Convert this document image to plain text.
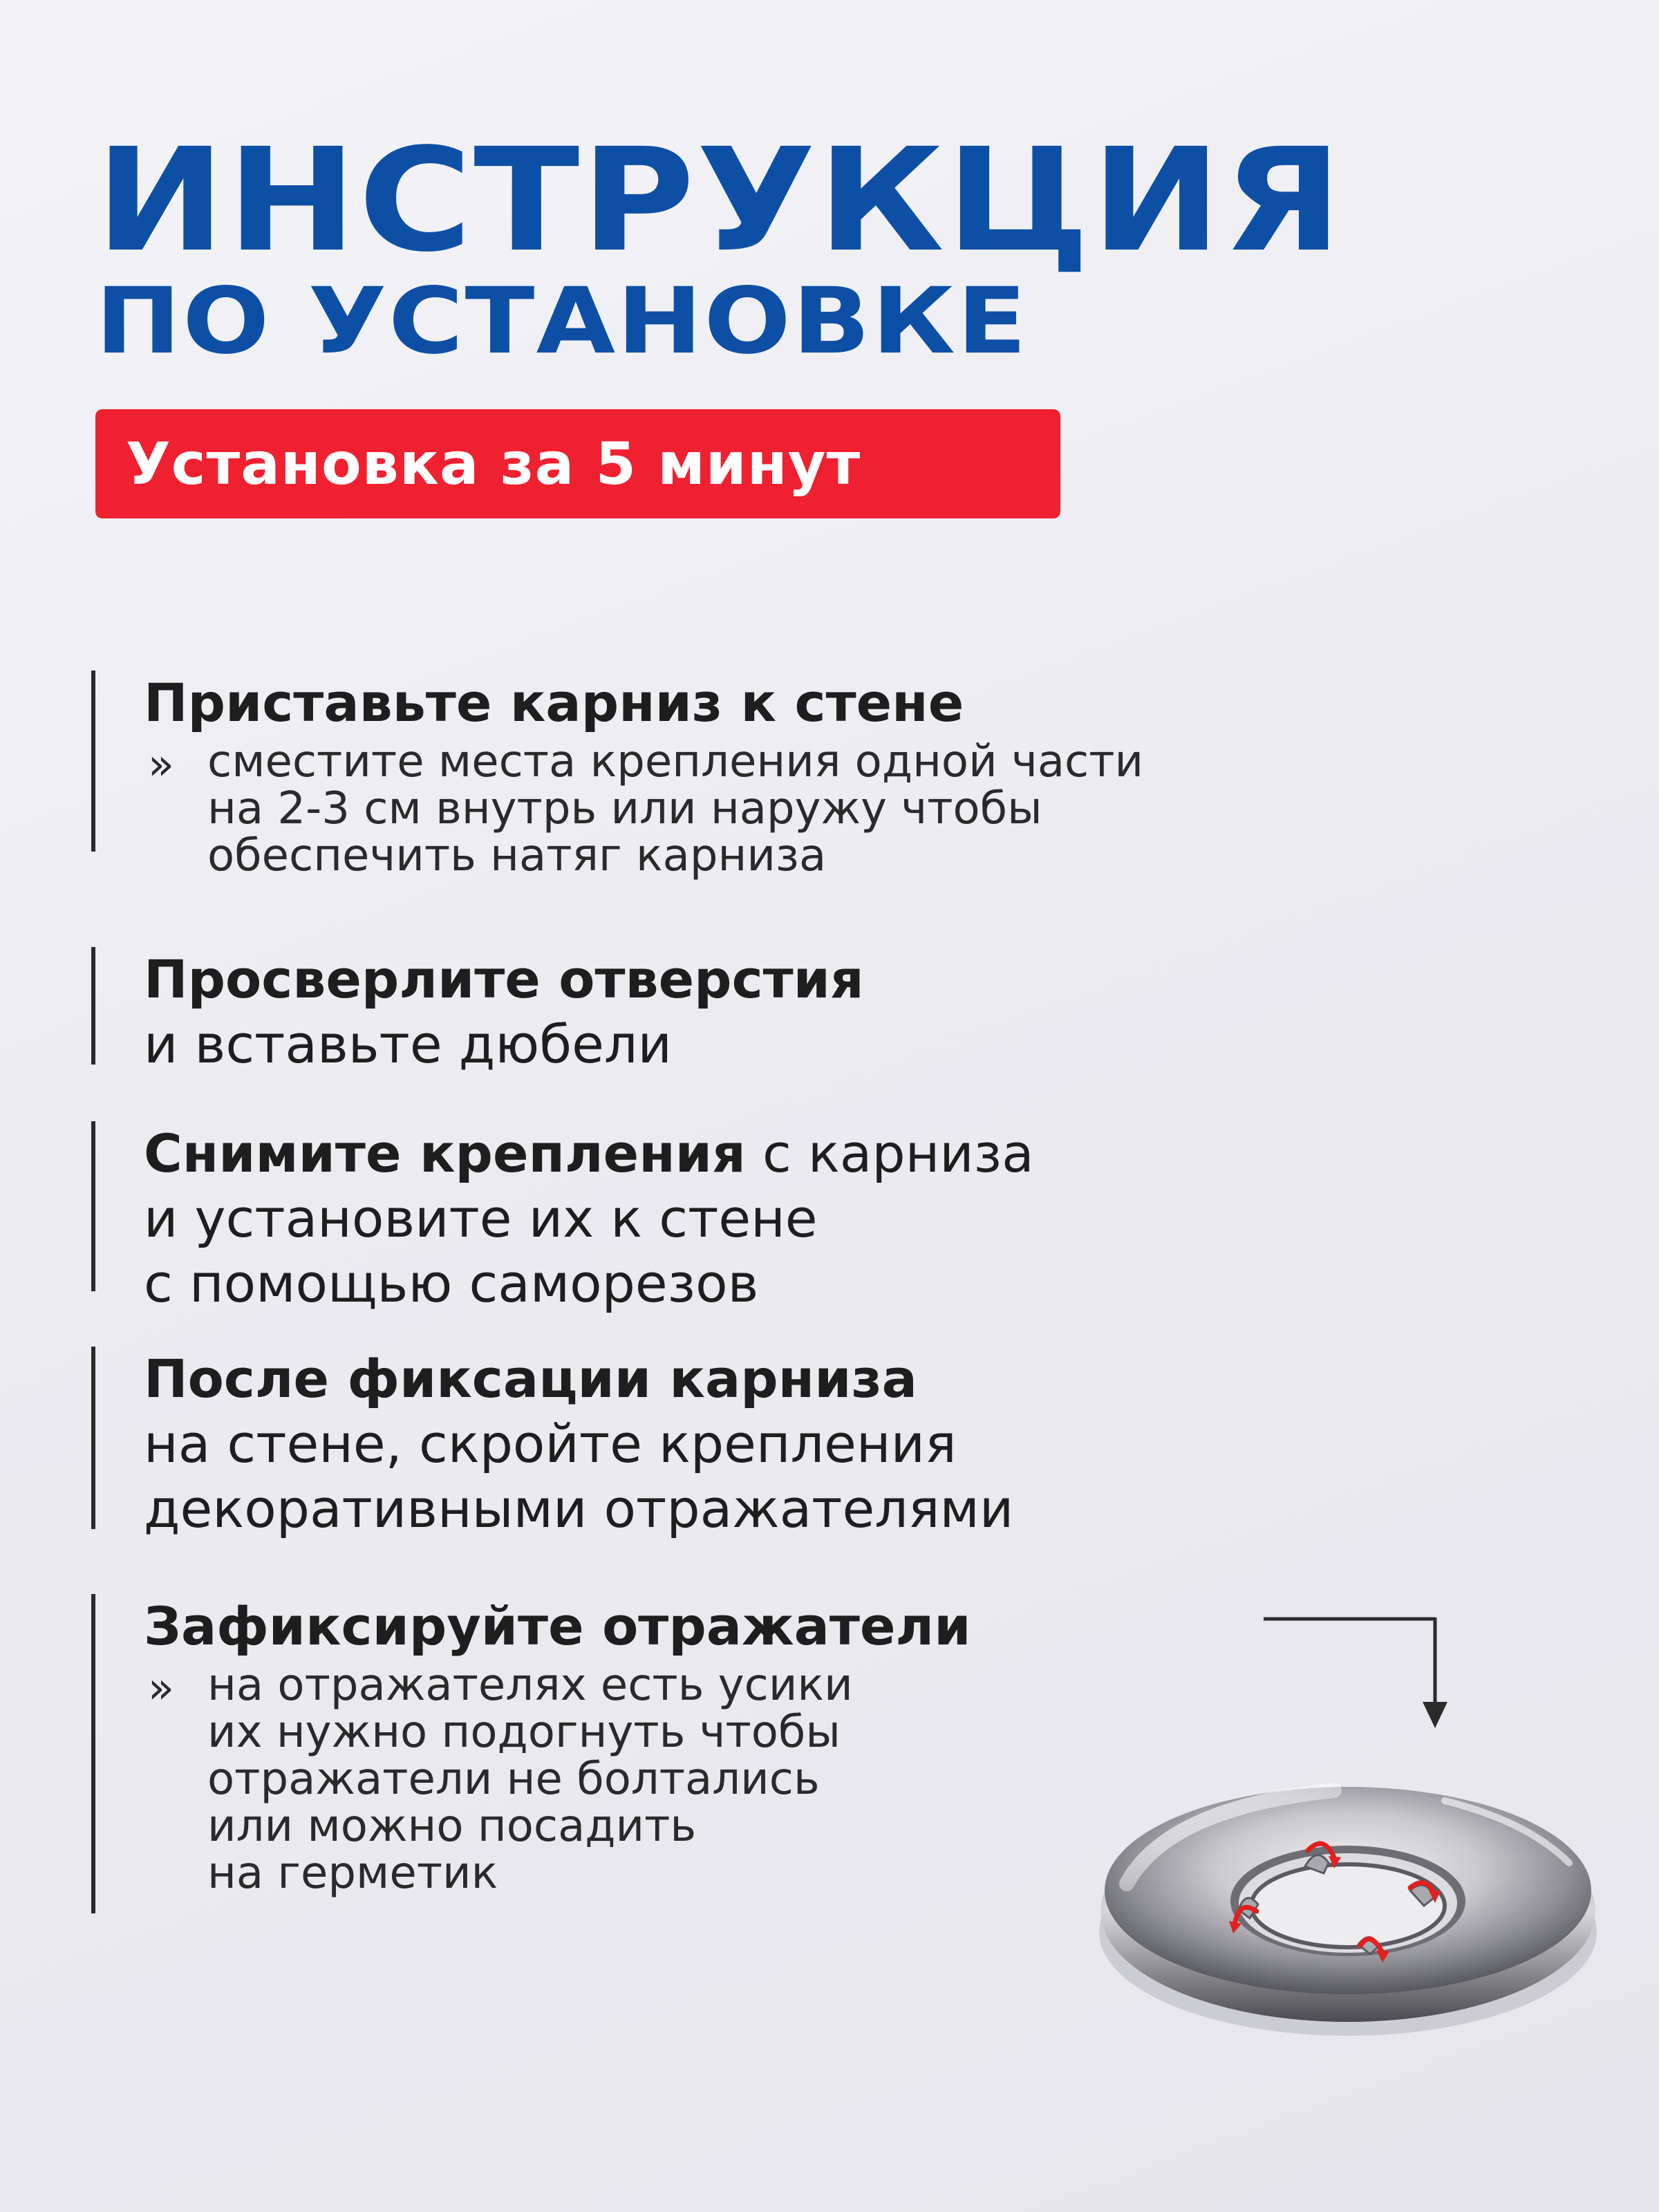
ИНСТРУКЦИЯ
ПО УСТАНОВКЕ
Установка за 5 минут
Приставьте карниз к стене
» сместите места крепления одной части
на 2-3 см внутрь или наружу чтобы
обеспечить натяг карниза
Просверлите отверстия
и вставьте дюбели
Снимите крепления с карниза
и установите их к стене
с помощью саморезов
После фиксации карниза
на стене, скройте крепления
декоративными отражателями
Зафиксируйте отражатели
» на отражателях есть усики
их нужно подогнуть чтобы
отражатели не болтались
или можно посадить
на герметик
